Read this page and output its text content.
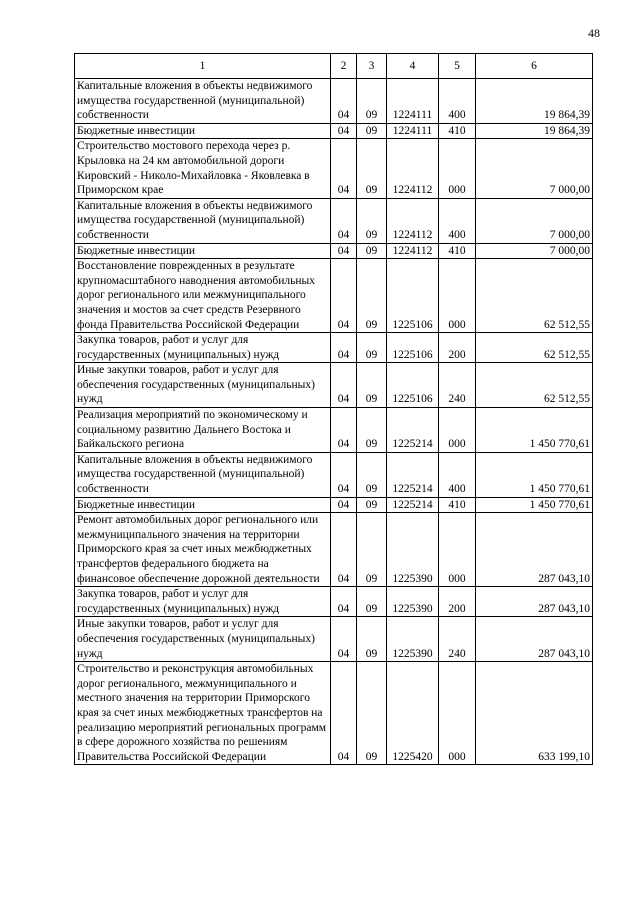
48
1	2	3	4	5	6
Капитальные вложения в объекты недвижимого имущества государственной (муниципальной) собственности	04	09	1224111	400	19 864,39
Бюджетные инвестиции	04	09	1224111	410	19 864,39
Строительство мостового перехода через р. Крыловка на 24 км автомобильной дороги Кировский - Николо-Михайловка - Яковлевка в Приморском крае	04	09	1224112	000	7 000,00
Капитальные вложения в объекты недвижимого имущества государственной (муниципальной) собственности	04	09	1224112	400	7 000,00
Бюджетные инвестиции	04	09	1224112	410	7 000,00
Восстановление поврежденных в результате крупномасштабного наводнения автомобильных дорог регионального или межмуниципального значения и мостов за счет средств Резервного фонда Правительства Российской Федерации	04	09	1225106	000	62 512,55
Закупка товаров, работ и услуг для государственных (муниципальных) нужд	04	09	1225106	200	62 512,55
Иные закупки товаров, работ и услуг для обеспечения государственных (муниципальных) нужд	04	09	1225106	240	62 512,55
Реализация мероприятий по экономическому и социальному развитию Дальнего Востока и Байкальского региона	04	09	1225214	000	1 450 770,61
Капитальные вложения в объекты недвижимого имущества государственной (муниципальной) собственности	04	09	1225214	400	1 450 770,61
Бюджетные инвестиции	04	09	1225214	410	1 450 770,61
Ремонт автомобильных дорог регионального или межмуниципального значения на территории Приморского края за счет иных межбюджетных трансфертов федерального бюджета на финансовое обеспечение дорожной деятельности	04	09	1225390	000	287 043,10
Закупка товаров, работ и услуг для государственных (муниципальных) нужд	04	09	1225390	200	287 043,10
Иные закупки товаров, работ и услуг для обеспечения государственных (муниципальных) нужд	04	09	1225390	240	287 043,10
Строительство и реконструкция автомобильных дорог регионального, межмуниципального и местного значения на территории Приморского края за счет иных межбюджетных трансфертов на реализацию мероприятий региональных программ в сфере дорожного хозяйства по решениям Правительства Российской Федерации	04	09	1225420	000	633 199,10
